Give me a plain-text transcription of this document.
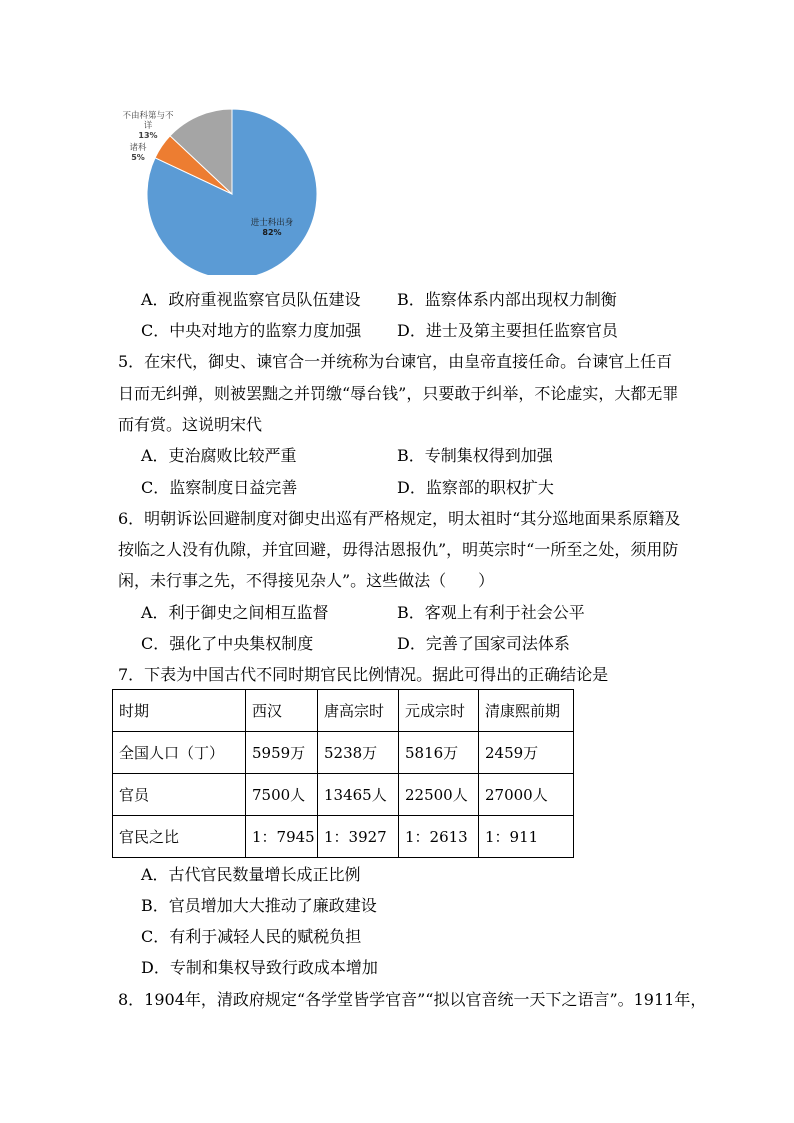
不由科第与不
详
13%
诸科
5%
进士科出身
82%
A．政府重视监察官员队伍建设 B．监察体系内部出现权力制衡
C．中央对地方的监察力度加强 D．进士及第主要担任监察官员
5．在宋代，御史、谏官合一并统称为台谏官，由皇帝直接任命。台谏官上任百
日而无纠弹，则被罢黜之并罚缴“辱台钱”，只要敢于纠举，不论虚实，大都无罪
而有赏。这说明宋代
A．吏治腐败比较严重	B．专制集权得到加强
C．监察制度日益完善	D．监察部的职权扩大
6．明朝诉讼回避制度对御史出巡有严格规定，明太祖时“其分巡地面果系原籍及
按临之人没有仇隙，并宜回避，毋得沽恩报仇”，明英宗时“一所至之处，须用防
闲，未行事之先，不得接见杂人”。这些做法（　　）
A．利于御史之间相互监督	B．客观上有利于社会公平
C．强化了中央集权制度	D．完善了国家司法体系
7．下表为中国古代不同时期官民比例情况。据此可得出的正确结论是
时期	西汉	唐高宗时	元成宗时	清康熙前期
全国人口（丁）	5959万	5238万	5816万	2459万
官员	7500人	13465人	22500人	27000人
官民之比	1：7945	1：3927	1：2613	1：911
A．古代官民数量增长成正比例
B．官员增加大大推动了廉政建设
C．有利于减轻人民的赋税负担
D．专制和集权导致行政成本增加
8．1904年，清政府规定“各学堂皆学官音”“拟以官音统一天下之语言”。1911年，
